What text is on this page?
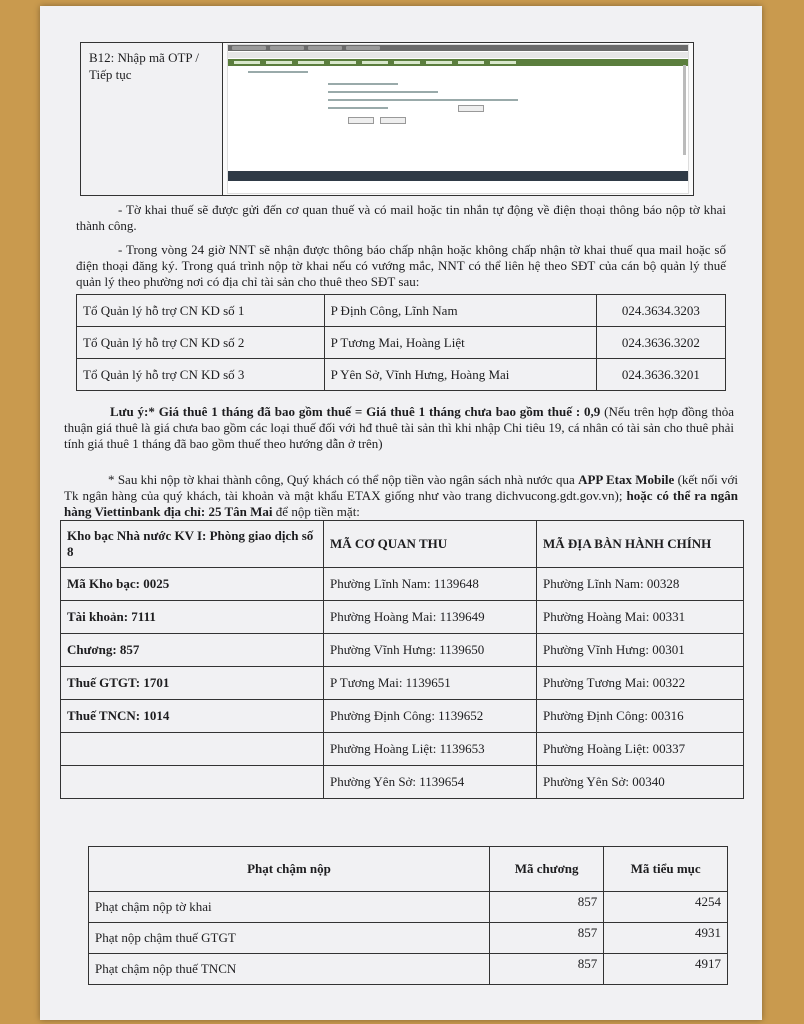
B12: Nhập mã OTP / Tiếp tục	
- Tờ khai thuế sẽ được gửi đến cơ quan thuế và có mail hoặc tin nhắn tự động về điện thoại thông báo nộp tờ khai thành công.
- Trong vòng 24 giờ NNT sẽ nhận được thông báo chấp nhận hoặc không chấp nhận tờ khai thuế qua mail hoặc số điện thoại đăng ký. Trong quá trình nộp tờ khai nếu có vướng mắc, NNT có thể liên hệ theo SĐT của cán bộ quản lý thuế quản lý theo phường nơi có địa chỉ tài sản cho thuê theo SĐT sau:
Tổ Quản lý hỗ trợ CN KD số 1	P Định Công, Lĩnh Nam	024.3634.3203
Tổ Quản lý hỗ trợ CN KD số 2	P Tương Mai, Hoàng Liệt	024.3636.3202
Tổ Quản lý hỗ trợ CN KD số 3	P Yên Sở, Vĩnh Hưng, Hoàng Mai	024.3636.3201
Lưu ý:* Giá thuê 1 tháng đã bao gồm thuế = Giá thuê 1 tháng chưa bao gồm thuế : 0,9 (Nếu trên hợp đồng thỏa thuận giá thuê là giá chưa bao gồm các loại thuế đối với hđ thuê tài sản thì khi nhập Chi tiêu 19, cá nhân có tài sản cho thuê phải tính giá thuê 1 tháng đã bao gồm thuế theo hướng dẫn ở trên)
* Sau khi nộp tờ khai thành công, Quý khách có thể nộp tiền vào ngân sách nhà nước qua APP Etax Mobile (kết nối với Tk ngân hàng của quý khách, tài khoản và mật khẩu ETAX giống như vào trang dichvucong.gdt.gov.vn); hoặc có thể ra ngân hàng Viettinbank địa chỉ: 25 Tân Mai để nộp tiền mặt:
Kho bạc Nhà nước KV I: Phòng giao dịch số 8	MÃ CƠ QUAN THU	MÃ ĐỊA BÀN HÀNH CHÍNH
Mã Kho bạc: 0025	Phường Lĩnh Nam: 1139648	Phường Lĩnh Nam: 00328
Tài khoản: 7111	Phường Hoàng Mai: 1139649	Phường Hoàng Mai: 00331
Chương: 857	Phường Vĩnh Hưng: 1139650	Phường Vĩnh Hưng: 00301
Thuế GTGT: 1701	P Tương Mai: 1139651	Phường Tương Mai: 00322
Thuế TNCN: 1014	Phường Định Công: 1139652	Phường Định Công: 00316
	Phường Hoàng Liệt: 1139653	Phường Hoàng Liệt: 00337
	Phường Yên Sở: 1139654	Phường Yên Sở: 00340
Phạt chậm nộp	Mã chương	Mã tiểu mục
Phạt chậm nộp tờ khai	857	4254
Phạt nộp chậm thuế GTGT	857	4931
Phạt chậm nộp thuế TNCN	857	4917
